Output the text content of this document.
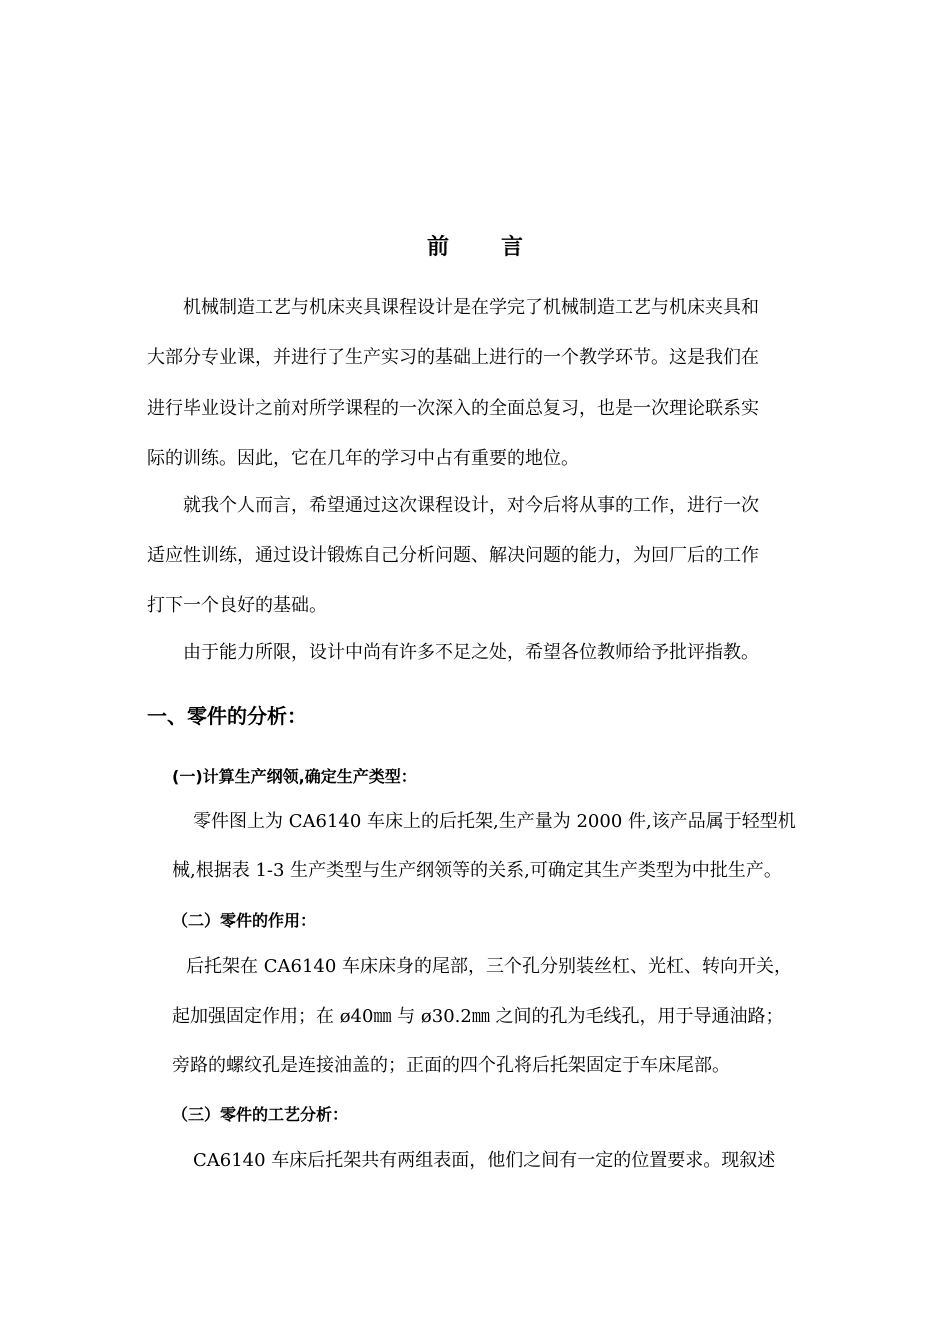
前言
机械制造工艺与机床夹具课程设计是在学完了机械制造工艺与机床夹具和
大部分专业课，并进行了生产实习的基础上进行的一个教学环节。这是我们在
进行毕业设计之前对所学课程的一次深入的全面总复习，也是一次理论联系实
际的训练。因此，它在几年的学习中占有重要的地位。
就我个人而言，希望通过这次课程设计，对今后将从事的工作，进行一次
适应性训练，通过设计锻炼自己分析问题、解决问题的能力，为回厂后的工作
打下一个良好的基础。
由于能力所限，设计中尚有许多不足之处，希望各位教师给予批评指教。
一、零件的分析：
(一)计算生产纲领,确定生产类型：
零件图上为 CA6140 车床上的后托架,生产量为 2000 件,该产品属于轻型机
械,根据表 1-3 生产类型与生产纲领等的关系,可确定其生产类型为中批生产。
（二）零件的作用：
后托架在 CA6140 车床床身的尾部，三个孔分别装丝杠、光杠、转向开关，
起加强固定作用；在 ø40㎜ 与 ø30.2㎜ 之间的孔为毛线孔，用于导通油路；
旁路的螺纹孔是连接油盖的；正面的四个孔将后托架固定于车床尾部。
（三）零件的工艺分析：
CA6140 车床后托架共有两组表面，他们之间有一定的位置要求。现叙述
